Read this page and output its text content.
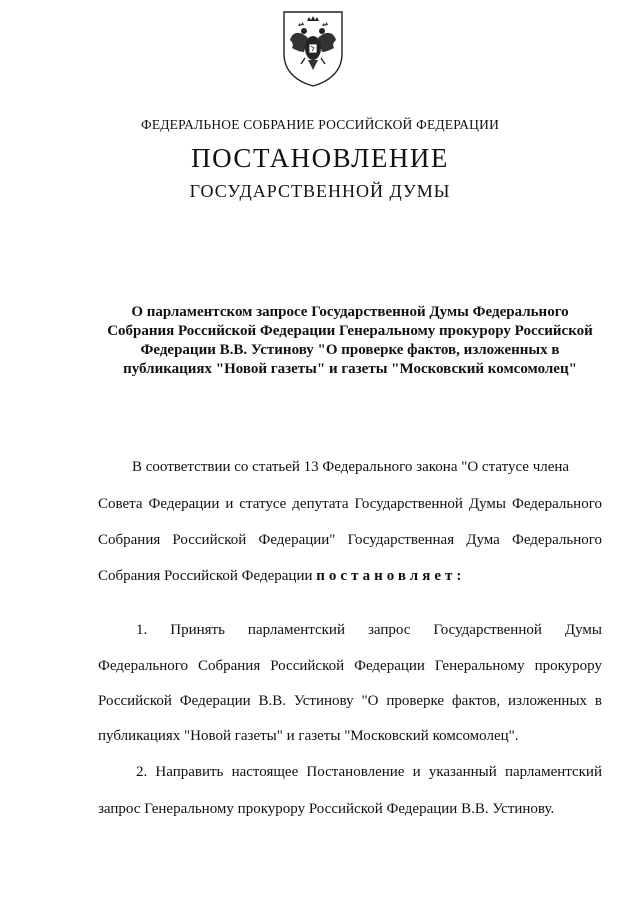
ФЕДЕРАЛЬНОЕ СОБРАНИЕ РОССИЙСКОЙ ФЕДЕРАЦИИ
ПОСТАНОВЛЕНИЕ
ГОСУДАРСТВЕННОЙ ДУМЫ
О парламентском запросе Государственной Думы Федерального
Собрания Российской Федерации Генеральному прокурору Российской
Федерации В.В. Устинову "О проверке фактов, изложенных в
публикациях "Новой газеты" и газеты "Московский комсомолец"
В соответствии со статьей 13 Федерального закона "О статусе члена
Совета Федерации и статусе депутата Государственной Думы Федерального
Собрания Российской Федерации" Государственная Дума Федерального
Собрания Российской Федерации постановляет:
1. Принять парламентский запрос Государственной Думы
Федерального Собрания Российской Федерации Генеральному прокурору
Российской Федерации В.В. Устинову "О проверке фактов, изложенных в
публикациях "Новой газеты" и газеты "Московский комсомолец".
2. Направить настоящее Постановление и указанный парламентский
запрос Генеральному прокурору Российской Федерации В.В. Устинову.
